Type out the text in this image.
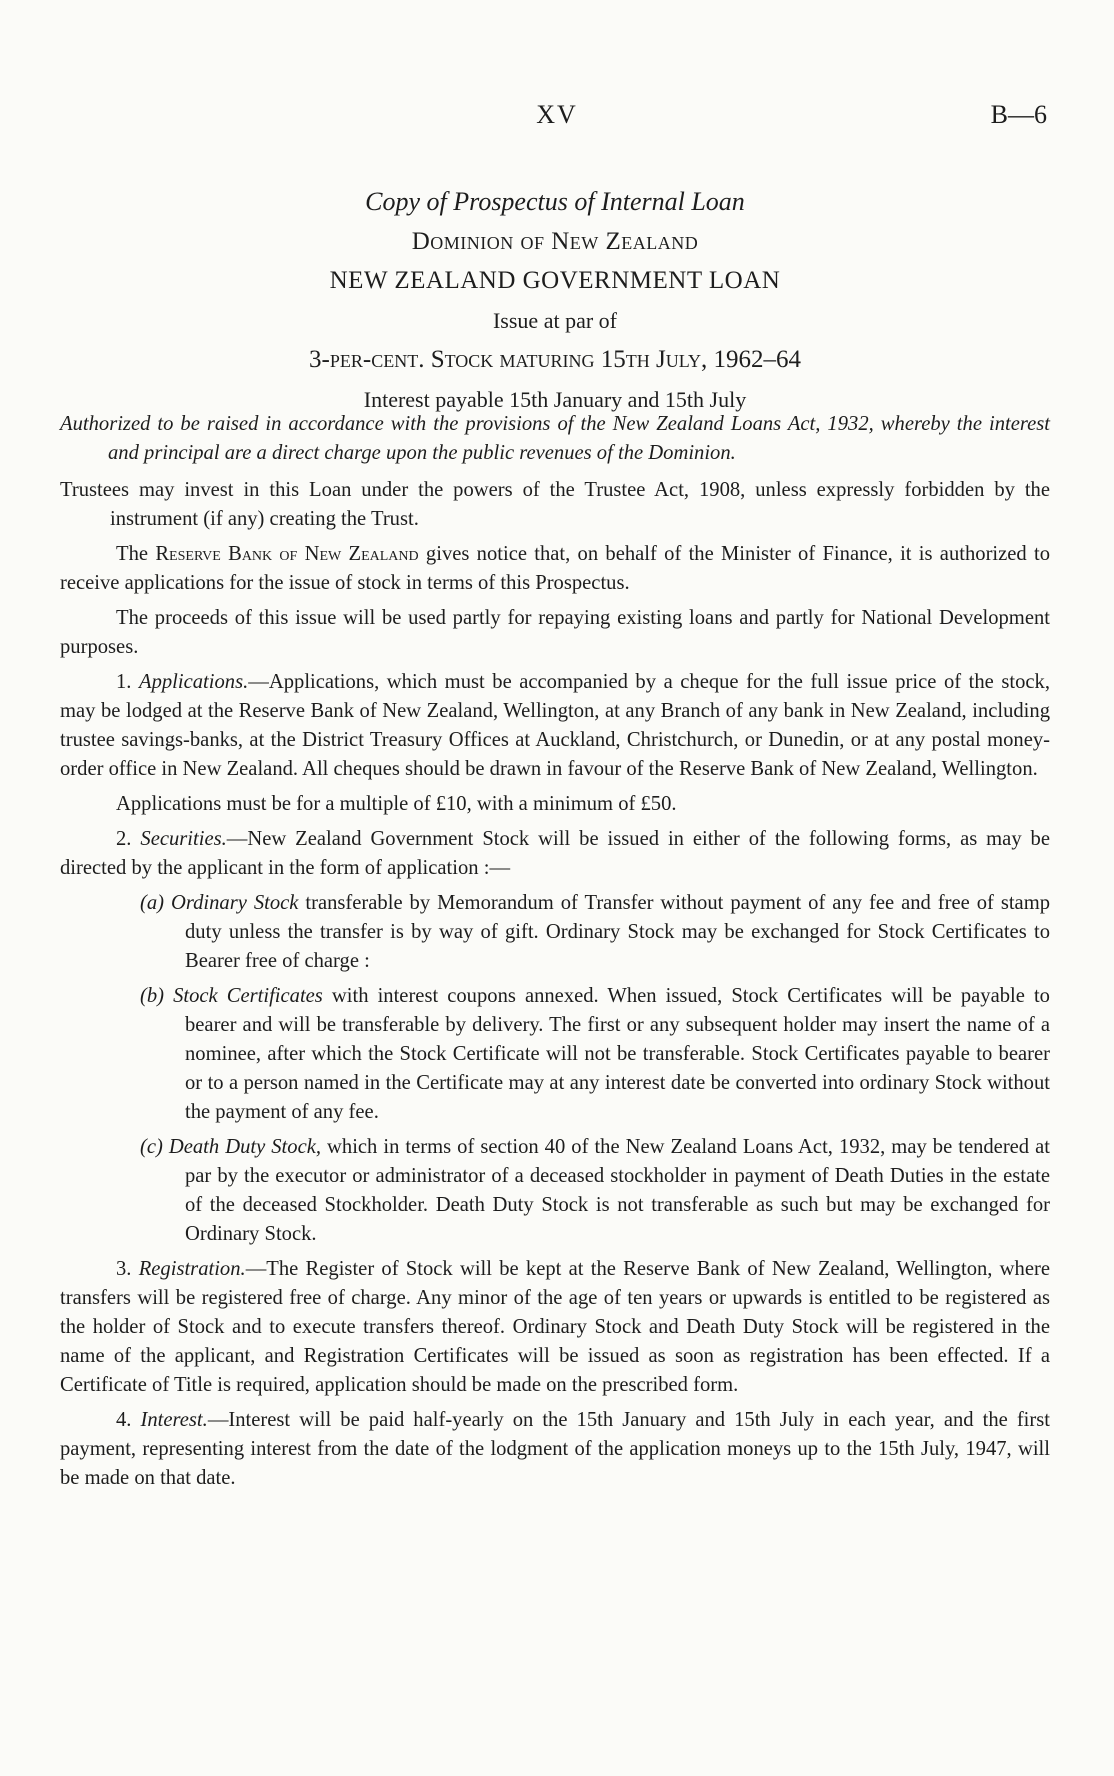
XV	B—6
Copy of Prospectus of Internal Loan
Dominion of New Zealand
NEW ZEALAND GOVERNMENT LOAN
Issue at par of
3-per-cent. Stock maturing 15th July, 1962–64
Interest payable 15th January and 15th July

Authorized to be raised in accordance with the provisions of the New Zealand Loans Act, 1932, whereby the interest and principal are a direct charge upon the public revenues of the Dominion.

Trustees may invest in this Loan under the powers of the Trustee Act, 1908, unless expressly forbidden by the instrument (if any) creating the Trust.

The Reserve Bank of New Zealand gives notice that, on behalf of the Minister of Finance, it is authorized to receive applications for the issue of stock in terms of this Prospectus.

The proceeds of this issue will be used partly for repaying existing loans and partly for National Development purposes.

1. Applications.—Applications, which must be accompanied by a cheque for the full issue price of the stock, may be lodged at the Reserve Bank of New Zealand, Wellington, at any Branch of any bank in New Zealand, including trustee savings-banks, at the District Treasury Offices at Auckland, Christchurch, or Dunedin, or at any postal money-order office in New Zealand. All cheques should be drawn in favour of the Reserve Bank of New Zealand, Wellington.

Applications must be for a multiple of £10, with a minimum of £50.

2. Securities.—New Zealand Government Stock will be issued in either of the following forms, as may be directed by the applicant in the form of application :—

(a) Ordinary Stock transferable by Memorandum of Transfer without payment of any fee and free of stamp duty unless the transfer is by way of gift. Ordinary Stock may be exchanged for Stock Certificates to Bearer free of charge :
(b) Stock Certificates with interest coupons annexed. When issued, Stock Certificates will be payable to bearer and will be transferable by delivery. The first or any subsequent holder may insert the name of a nominee, after which the Stock Certificate will not be transferable. Stock Certificates payable to bearer or to a person named in the Certificate may at any interest date be converted into ordinary Stock without the payment of any fee.
(c) Death Duty Stock, which in terms of section 40 of the New Zealand Loans Act, 1932, may be tendered at par by the executor or administrator of a deceased stockholder in payment of Death Duties in the estate of the deceased Stockholder. Death Duty Stock is not transferable as such but may be exchanged for Ordinary Stock.

3. Registration.—The Register of Stock will be kept at the Reserve Bank of New Zealand, Wellington, where transfers will be registered free of charge. Any minor of the age of ten years or upwards is entitled to be registered as the holder of Stock and to execute transfers thereof. Ordinary Stock and Death Duty Stock will be registered in the name of the applicant, and Registration Certificates will be issued as soon as registration has been effected. If a Certificate of Title is required, application should be made on the prescribed form.

4. Interest.—Interest will be paid half-yearly on the 15th January and 15th July in each year, and the first payment, representing interest from the date of the lodgment of the application moneys up to the 15th July, 1947, will be made on that date.
